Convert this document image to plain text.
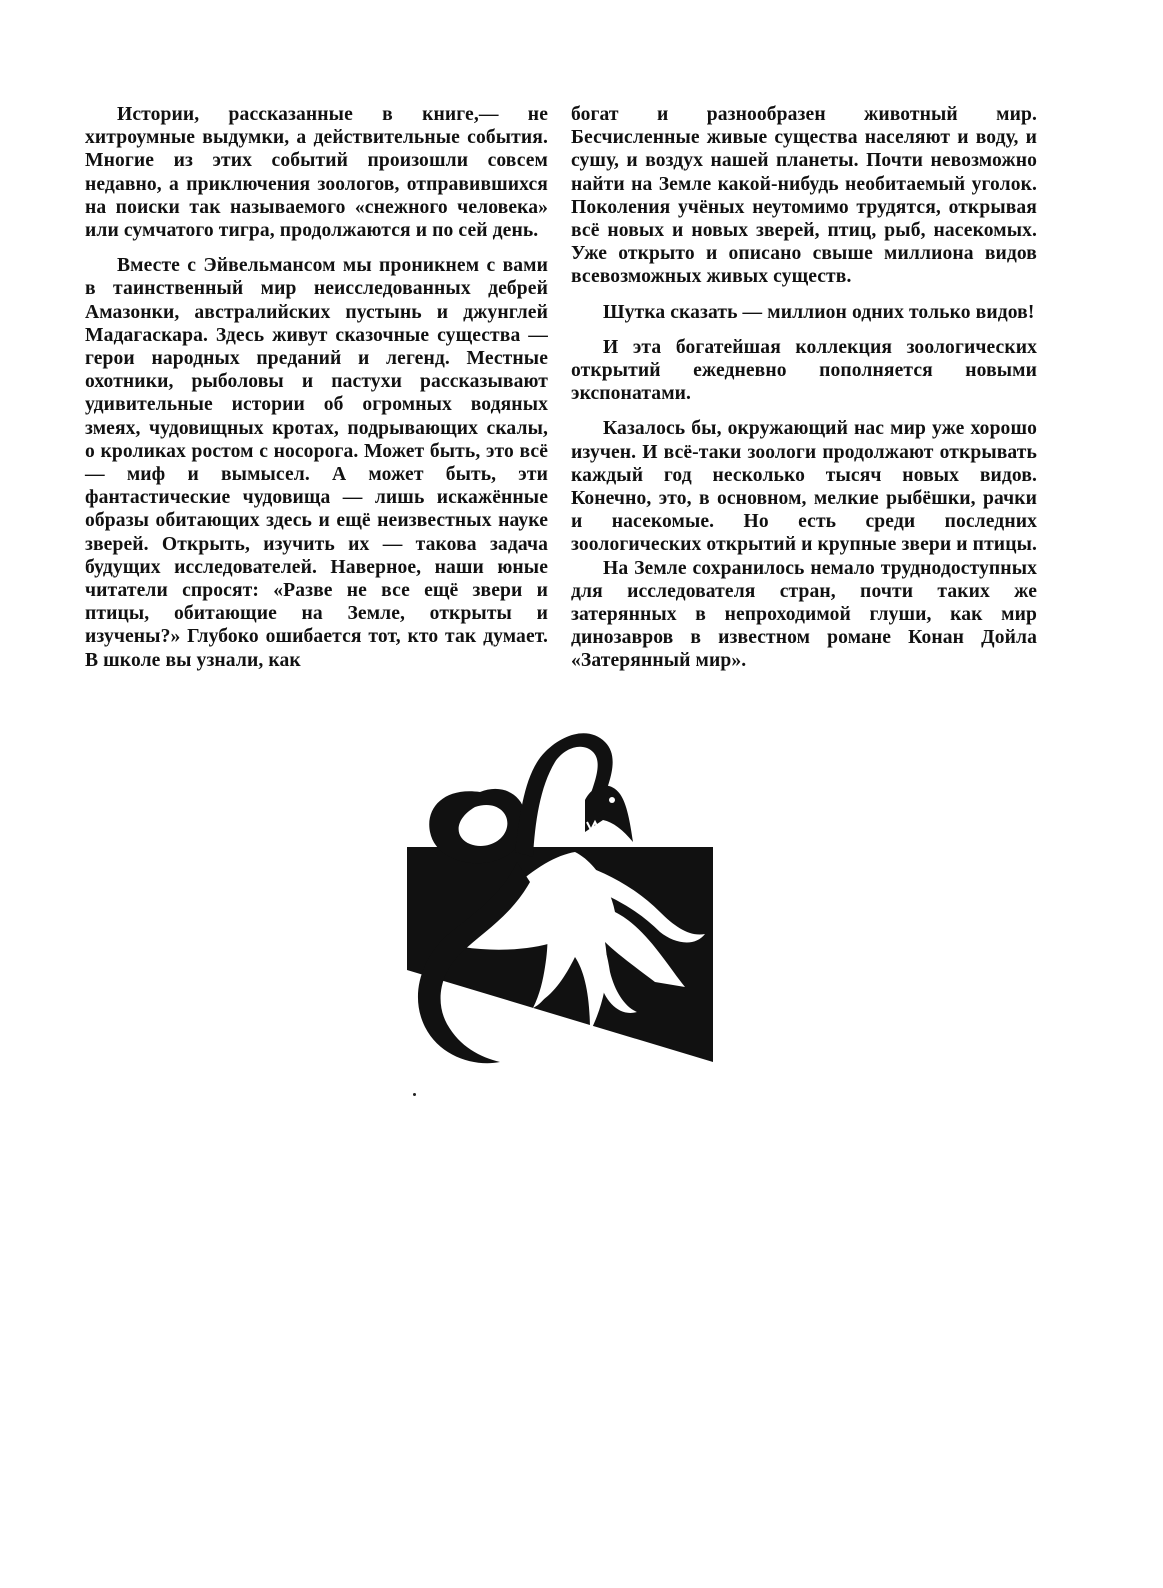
Истории, рассказанные в книге,— не хитроумные выдумки, а действительные события. Многие из этих событий произошли совсем недавно, а приключения зоологов, отправившихся на поиски так называемого «снежного человека» или сумчатого тигра, продолжаются и по сей день.

Вместе с Эйвельмансом мы проникнем с вами в таинственный мир неисследованных дебрей Амазонки, австралийских пустынь и джунглей Мадагаскара. Здесь живут сказочные существа — герои народных преданий и легенд. Местные охотники, рыболовы и пастухи рассказывают удивительные истории об огромных водяных змеях, чудовищных кротах, подрывающих скалы, о кроликах ростом с носорога. Может быть, это всё — миф и вымысел. А может быть, эти фантастические чудовища — лишь искажённые образы обитающих здесь и ещё неизвестных науке зверей. Открыть, изучить их — такова задача будущих исследователей. Наверное, наши юные читатели спросят: «Разве не все ещё звери и птицы, обитающие на Земле, открыты и изучены?» Глубоко ошибается тот, кто так думает. В школе вы узнали, как

богат и разнообразен животный мир. Бесчисленные живые существа населяют и воду, и сушу, и воздух нашей планеты. Почти невозможно найти на Земле какой-нибудь необитаемый уголок. Поколения учёных неутомимо трудятся, открывая всё новых и новых зверей, птиц, рыб, насекомых. Уже открыто и описано свыше миллиона видов всевозможных живых существ.

Шутка сказать — миллион одних только видов!

И эта богатейшая коллекция зоологических открытий ежедневно пополняется новыми экспонатами.

Казалось бы, окружающий нас мир уже хорошо изучен. И всё-таки зоологи продолжают открывать каждый год несколько тысяч новых видов. Конечно, это, в основном, мелкие рыбёшки, рачки и насекомые. Но есть среди последних зоологических открытий и крупные звери и птицы.

На Земле сохранилось немало труднодоступных для исследователя стран, почти таких же затерянных в непроходимой глуши, как мир динозавров в известном романе Конан Дойла «Затерянный мир».
